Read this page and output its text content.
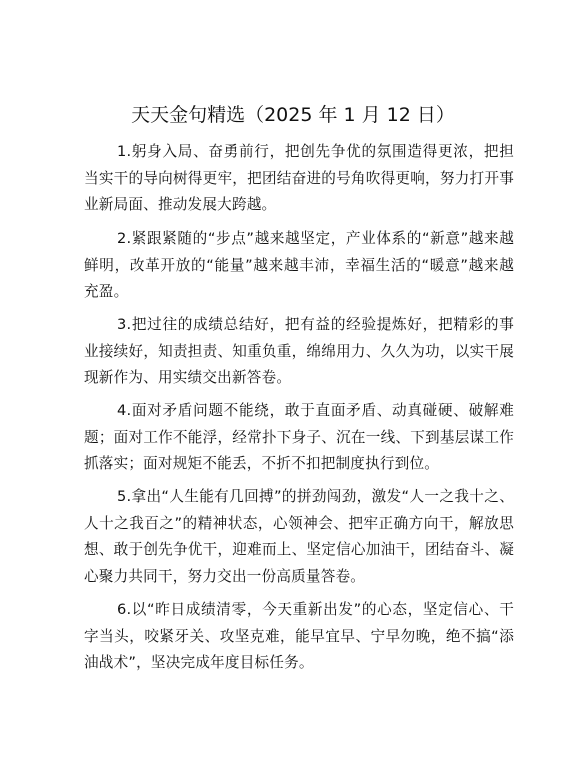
天天金句精选（2025 年 1 月 12 日）

1.躬身入局、奋勇前行，把创先争优的氛围造得更浓，把担当实干的导向树得更牢，把团结奋进的号角吹得更响，努力打开事业新局面、推动发展大跨越。

2.紧跟紧随的“步点”越来越坚定，产业体系的“新意”越来越鲜明，改革开放的“能量”越来越丰沛，幸福生活的“暖意”越来越充盈。

3.把过往的成绩总结好，把有益的经验提炼好，把精彩的事业接续好，知责担责、知重负重，绵绵用力、久久为功，以实干展现新作为、用实绩交出新答卷。

4.面对矛盾问题不能绕，敢于直面矛盾、动真碰硬、破解难题；面对工作不能浮，经常扑下身子、沉在一线、下到基层谋工作抓落实；面对规矩不能丢，不折不扣把制度执行到位。

5.拿出“人生能有几回搏”的拼劲闯劲，激发“人一之我十之、人十之我百之”的精神状态，心领神会、把牢正确方向干，解放思想、敢于创先争优干，迎难而上、坚定信心加油干，团结奋斗、凝心聚力共同干，努力交出一份高质量答卷。

6.以“昨日成绩清零，今天重新出发”的心态，坚定信心、干字当头，咬紧牙关、攻坚克难，能早宜早、宁早勿晚，绝不搞“添油战术”，坚决完成年度目标任务。
